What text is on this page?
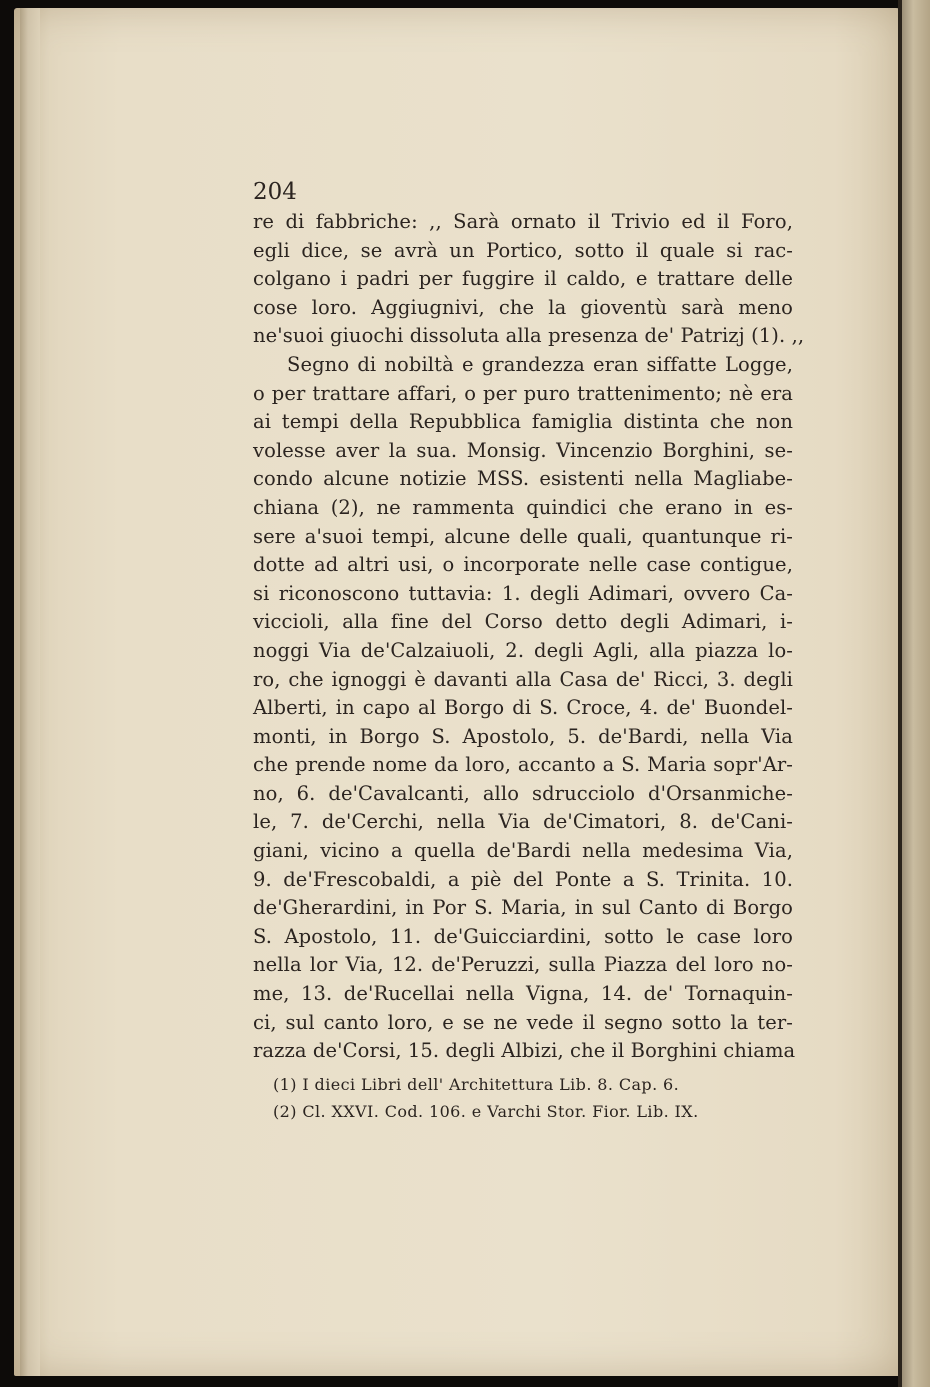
204
re di fabbriche: ,, Sarà ornato il Trivio ed il Foro,
egli dice, se avrà un Portico, sotto il quale si rac-
colgano i padri per fuggire il caldo, e trattare delle
cose loro. Aggiugnivi, che la gioventù sarà meno
ne'suoi giuochi dissoluta alla presenza de' Patrizj (1). ,,
Segno di nobiltà e grandezza eran siffatte Logge,
o per trattare affari, o per puro trattenimento; nè era
ai tempi della Repubblica famiglia distinta che non
volesse aver la sua. Monsig. Vincenzio Borghini, se-
condo alcune notizie MSS. esistenti nella Magliabe-
chiana (2), ne rammenta quindici che erano in es-
sere a'suoi tempi, alcune delle quali, quantunque ri-
dotte ad altri usi, o incorporate nelle case contigue,
si riconoscono tuttavia: 1. degli Adimari, ovvero Ca-
viccioli, alla fine del Corso detto degli Adimari, i-
noggi Via de'Calzaiuoli, 2. degli Agli, alla piazza lo-
ro, che ignoggi è davanti alla Casa de' Ricci, 3. degli
Alberti, in capo al Borgo di S. Croce, 4. de' Buondel-
monti, in Borgo S. Apostolo, 5. de'Bardi, nella Via
che prende nome da loro, accanto a S. Maria sopr'Ar-
no, 6. de'Cavalcanti, allo sdrucciolo d'Orsanmiche-
le, 7. de'Cerchi, nella Via de'Cimatori, 8. de'Cani-
giani, vicino a quella de'Bardi nella medesima Via,
9. de'Frescobaldi, a piè del Ponte a S. Trinita. 10.
de'Gherardini, in Por S. Maria, in sul Canto di Borgo
S. Apostolo, 11. de'Guicciardini, sotto le case loro
nella lor Via, 12. de'Peruzzi, sulla Piazza del loro no-
me, 13. de'Rucellai nella Vigna, 14. de' Tornaquin-
ci, sul canto loro, e se ne vede il segno sotto la ter-
razza de'Corsi, 15. degli Albizi, che il Borghini chiama
(1) I dieci Libri dell' Architettura Lib. 8. Cap. 6.
(2) Cl. XXVI. Cod. 106. e Varchi Stor. Fior. Lib. IX.
